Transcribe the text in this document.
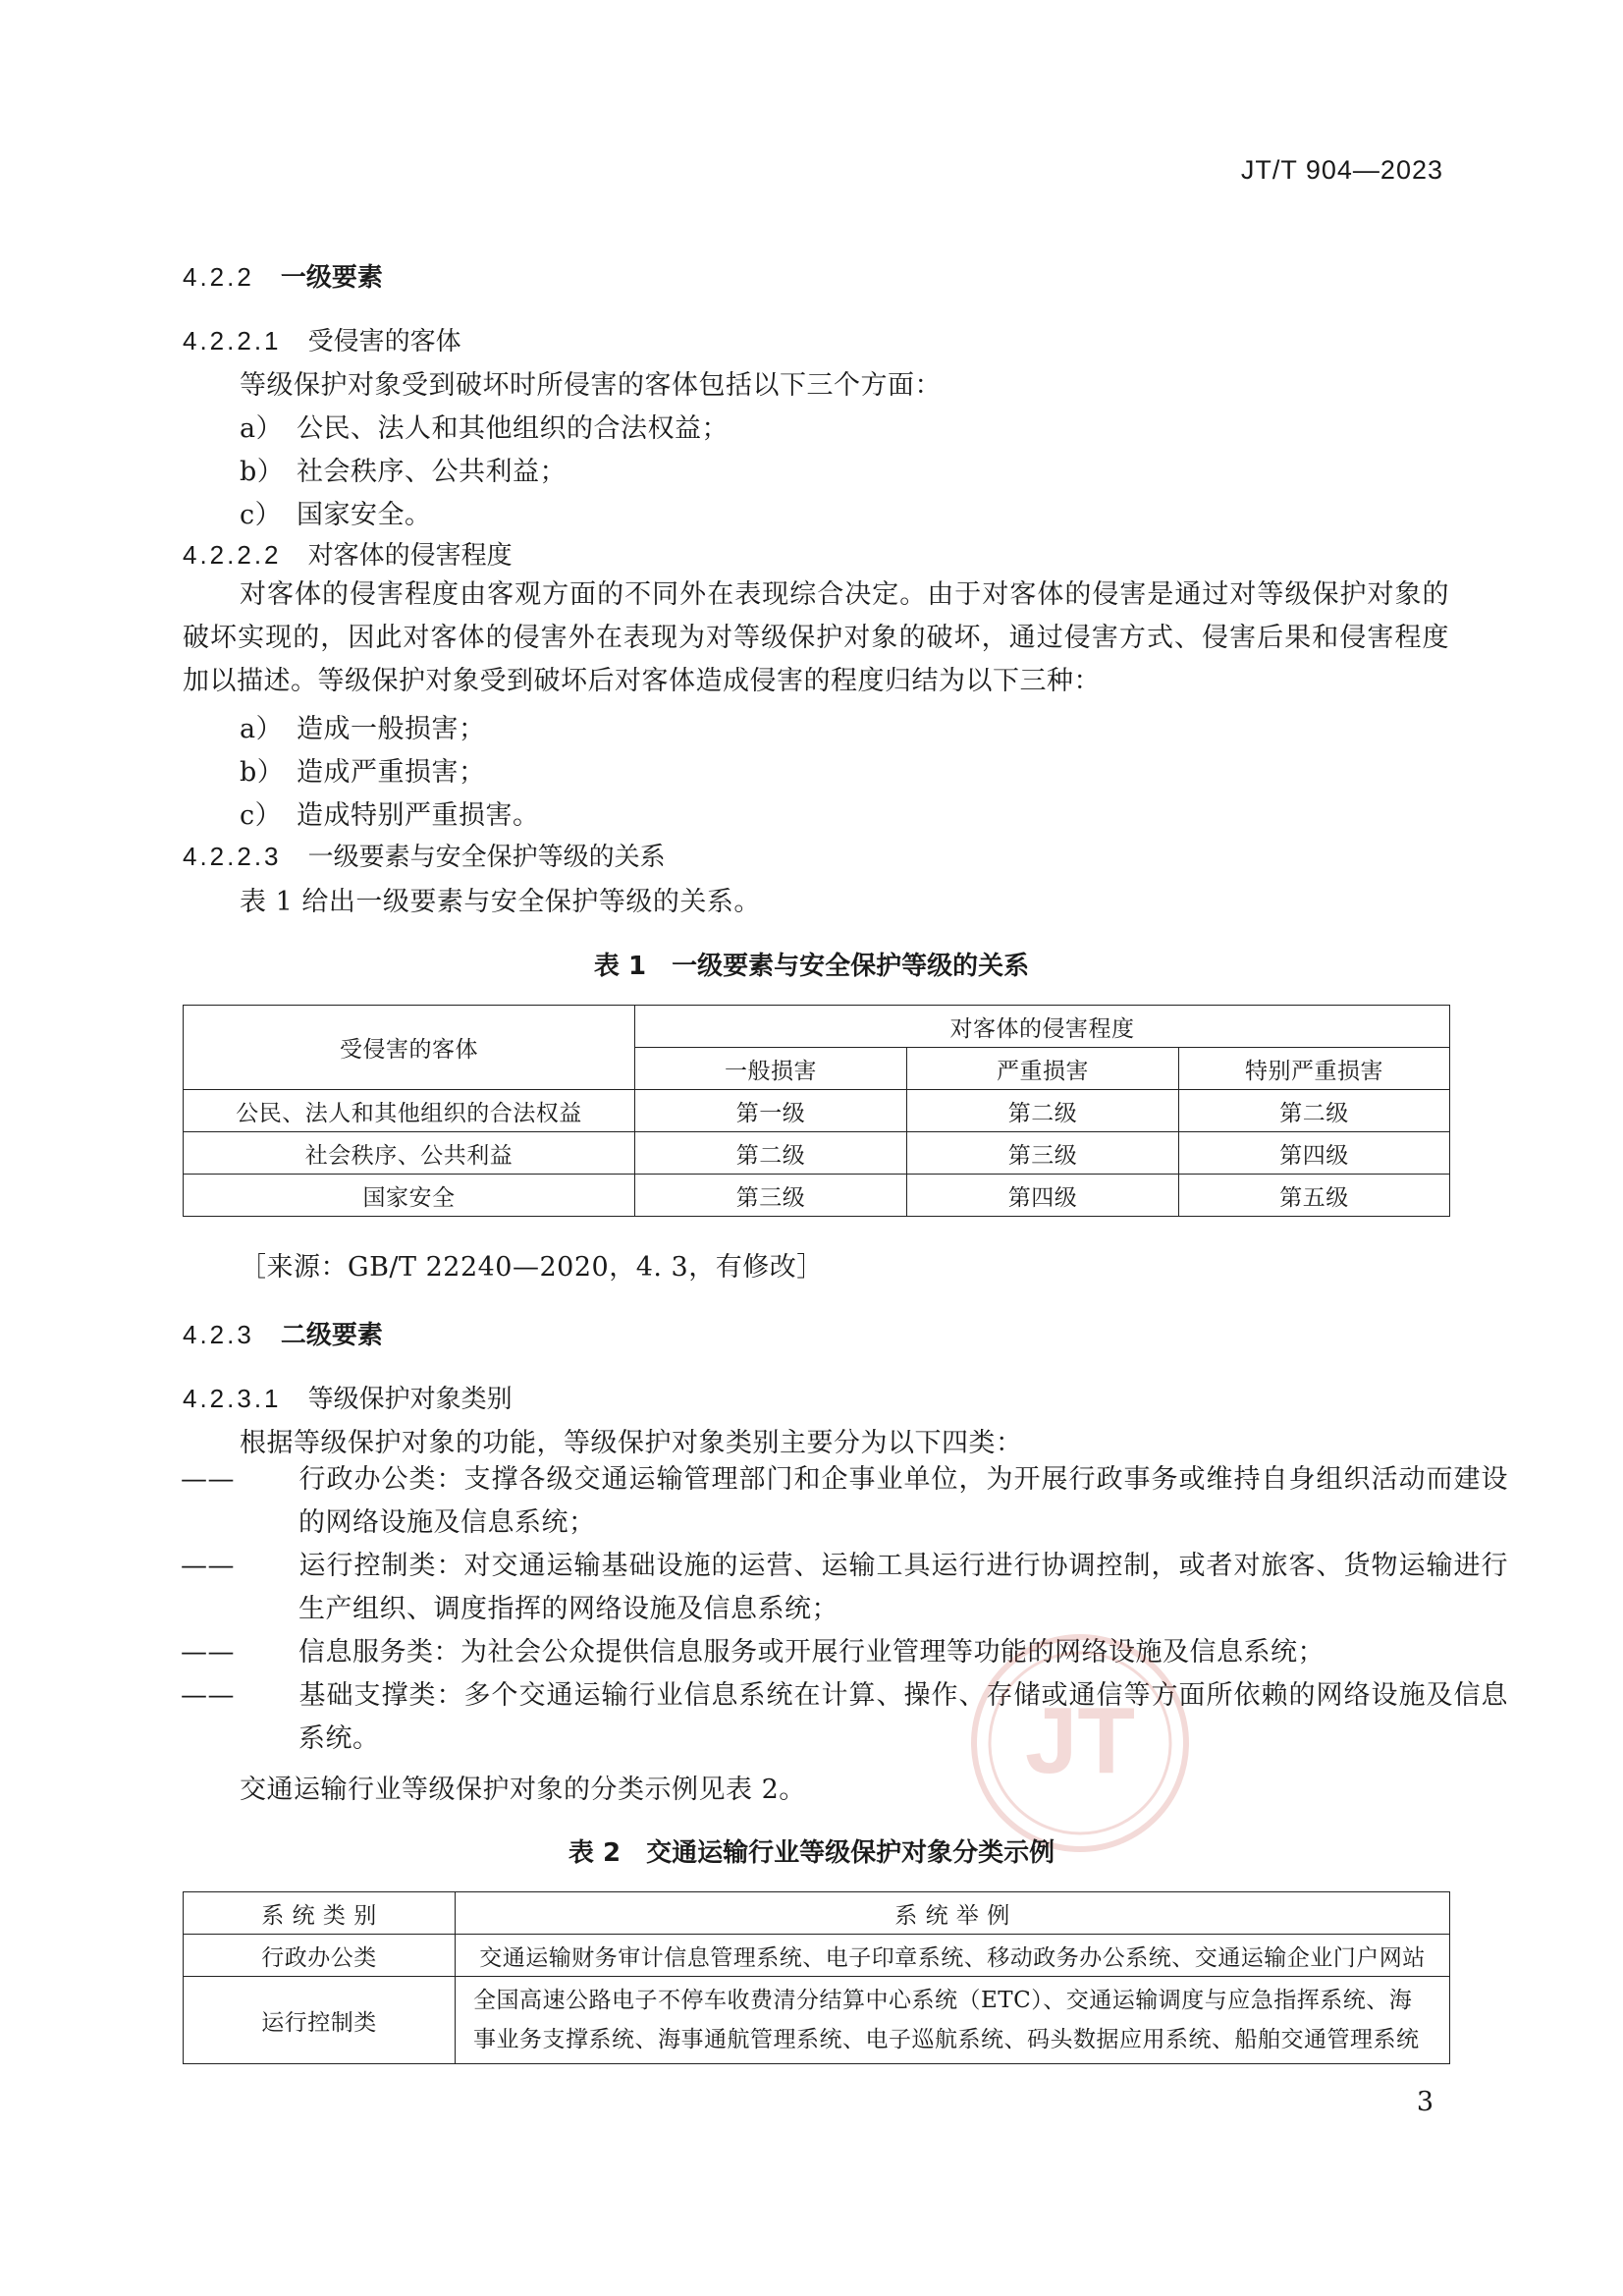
JT/T 904—2023
4.2.2 一级要素
4.2.2.1 受侵害的客体
等级保护对象受到破坏时所侵害的客体包括以下三个方面：
a） 公民、法人和其他组织的合法权益；
b） 社会秩序、公共利益；
c） 国家安全。
4.2.2.2 对客体的侵害程度
对客体的侵害程度由客观方面的不同外在表现综合决定。由于对客体的侵害是通过对等级保护对象的破坏实现的，因此对客体的侵害外在表现为对等级保护对象的破坏，通过侵害方式、侵害后果和侵害程度加以描述。等级保护对象受到破坏后对客体造成侵害的程度归结为以下三种：
a） 造成一般损害；
b） 造成严重损害；
c） 造成特别严重损害。
4.2.2.3 一级要素与安全保护等级的关系
表 1 给出一级要素与安全保护等级的关系。
表 1　一级要素与安全保护等级的关系
受侵害的客体	对客体的侵害程度		
	一般损害	严重损害	特别严重损害
公民、法人和其他组织的合法权益	第一级	第二级	第二级
社会秩序、公共利益	第二级	第三级	第四级
国家安全	第三级	第四级	第五级
［来源：GB/T 22240—2020，4. 3，有修改］
4.2.3 二级要素
4.2.3.1 等级保护对象类别
根据等级保护对象的功能，等级保护对象类别主要分为以下四类：
—— 行政办公类：支撑各级交通运输管理部门和企事业单位，为开展行政事务或维持自身组织活动而建设的网络设施及信息系统；
—— 运行控制类：对交通运输基础设施的运营、运输工具运行进行协调控制，或者对旅客、货物运输进行生产组织、调度指挥的网络设施及信息系统；
—— 信息服务类：为社会公众提供信息服务或开展行业管理等功能的网络设施及信息系统；
—— 基础支撑类：多个交通运输行业信息系统在计算、操作、存储或通信等方面所依赖的网络设施及信息系统。
交通运输行业等级保护对象的分类示例见表 2。 JT
表 2　交通运输行业等级保护对象分类示例
系 统 类 别	系 统 举 例
行政办公类	交通运输财务审计信息管理系统、电子印章系统、移动政务办公系统、交通运输企业门户网站
运行控制类	全国高速公路电子不停车收费清分结算中心系统（ETC）、交通运输调度与应急指挥系统、海事业务支撑系统、海事通航管理系统、电子巡航系统、码头数据应用系统、船舶交通管理系统
3
